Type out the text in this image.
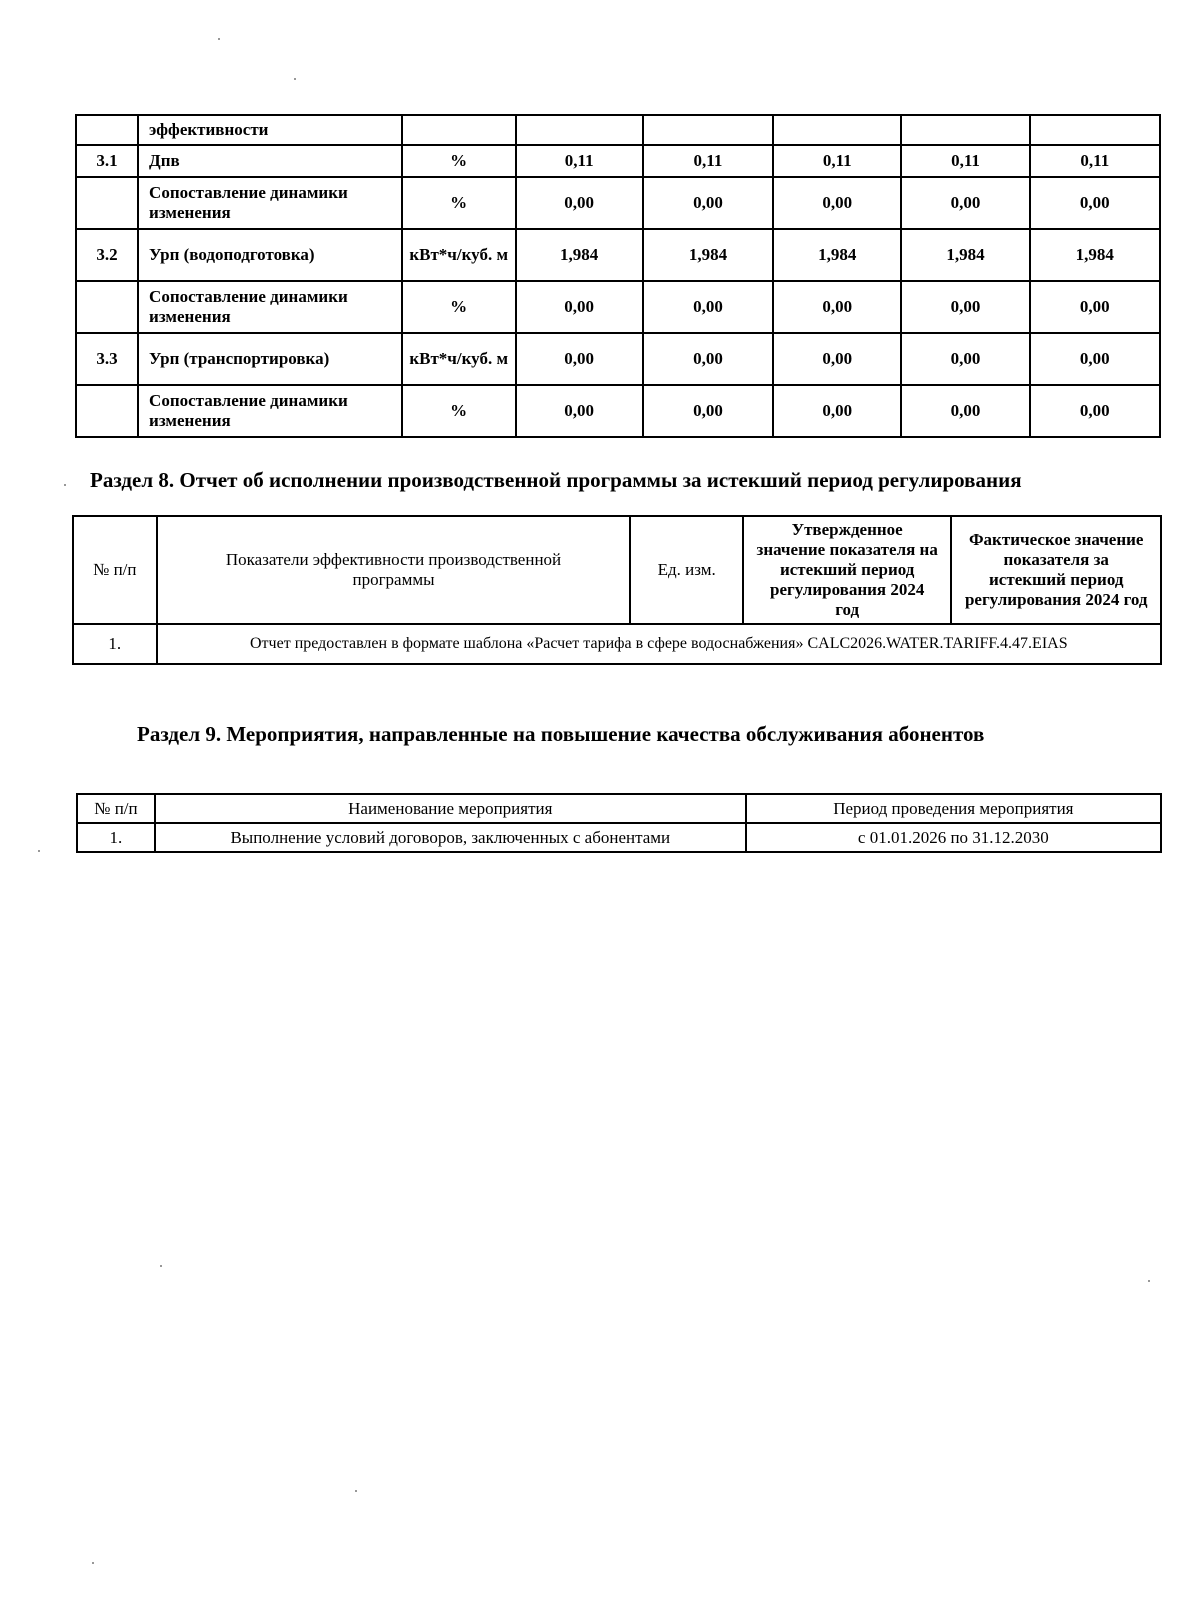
	эффективности						
3.1	Дпв	%	0,11	0,11	0,11	0,11	0,11
	Сопоставление динамики изменения	%	0,00	0,00	0,00	0,00	0,00
3.2	Урп (водоподготовка)	кВт*ч/куб. м	1,984	1,984	1,984	1,984	1,984
	Сопоставление динамики изменения	%	0,00	0,00	0,00	0,00	0,00
3.3	Урп (транспортировка)	кВт*ч/куб. м	0,00	0,00	0,00	0,00	0,00
	Сопоставление динамики изменения	%	0,00	0,00	0,00	0,00	0,00
Раздел 8. Отчет об исполнении производственной программы за истекший период регулирования
№ п/п	Показатели эффективности производственной программы	Ед. изм.	Утвержденное значение показателя на истекший период регулирования 2024 год	Фактическое значение показателя за истекший период регулирования 2024 год
1.	Отчет предоставлен в формате шаблона «Расчет тарифа в сфере водоснабжения» CALC2026.WATER.TARIFF.4.47.EIAS			
Раздел 9. Мероприятия, направленные на повышение качества обслуживания абонентов
№ п/п	Наименование мероприятия	Период проведения мероприятия
1.	Выполнение условий договоров, заключенных с абонентами	с 01.01.2026 по 31.12.2030
